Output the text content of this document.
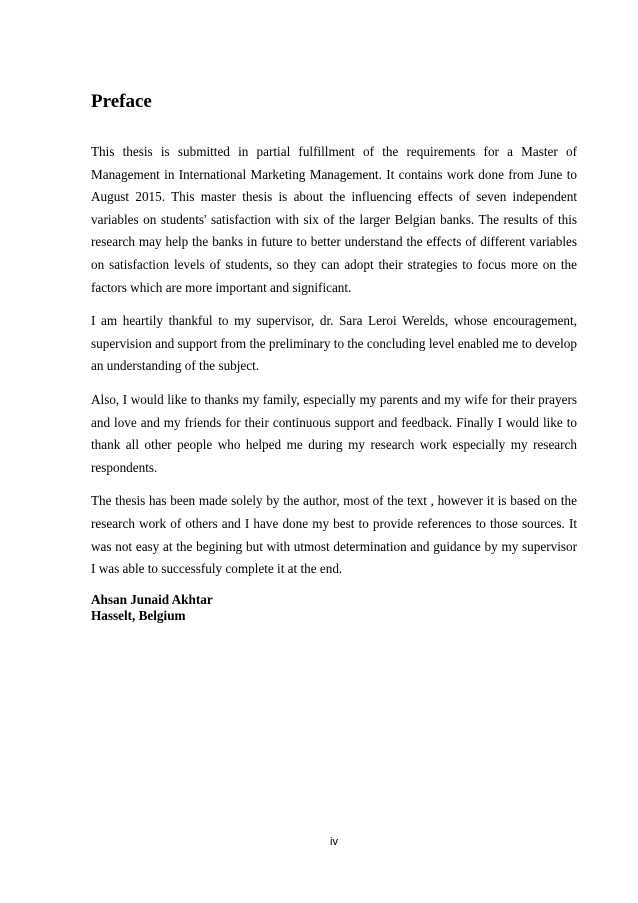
Preface

This thesis is submitted in partial fulfillment of the requirements for a Master of Management in International Marketing Management. It contains work done from June to August 2015. This master thesis is about the influencing effects of seven independent variables on students' satisfaction with six of the larger Belgian banks. The results of this research may help the banks in future to better understand the effects of different variables on satisfaction levels of students, so they can adopt their strategies to focus more on the factors which are more important and significant.

I am heartily thankful to my supervisor, dr. Sara Leroi Werelds, whose encouragement, supervision and support from the preliminary to the concluding level enabled me to develop an understanding of the subject.

Also, I would like to thanks my family, especially my parents and my wife for their prayers and love and my friends for their continuous support and feedback. Finally I would like to thank all other people who helped me during my research work especially my research respondents.

The thesis has been made solely by the author, most of the text , however it is based on the research work of others and I have done my best to provide references to those sources. It was not easy at the begining but with utmost determination and guidance by my supervisor I was able to successfuly complete it at the end.

Ahsan Junaid Akhtar
Hasselt, Belgium
iv
